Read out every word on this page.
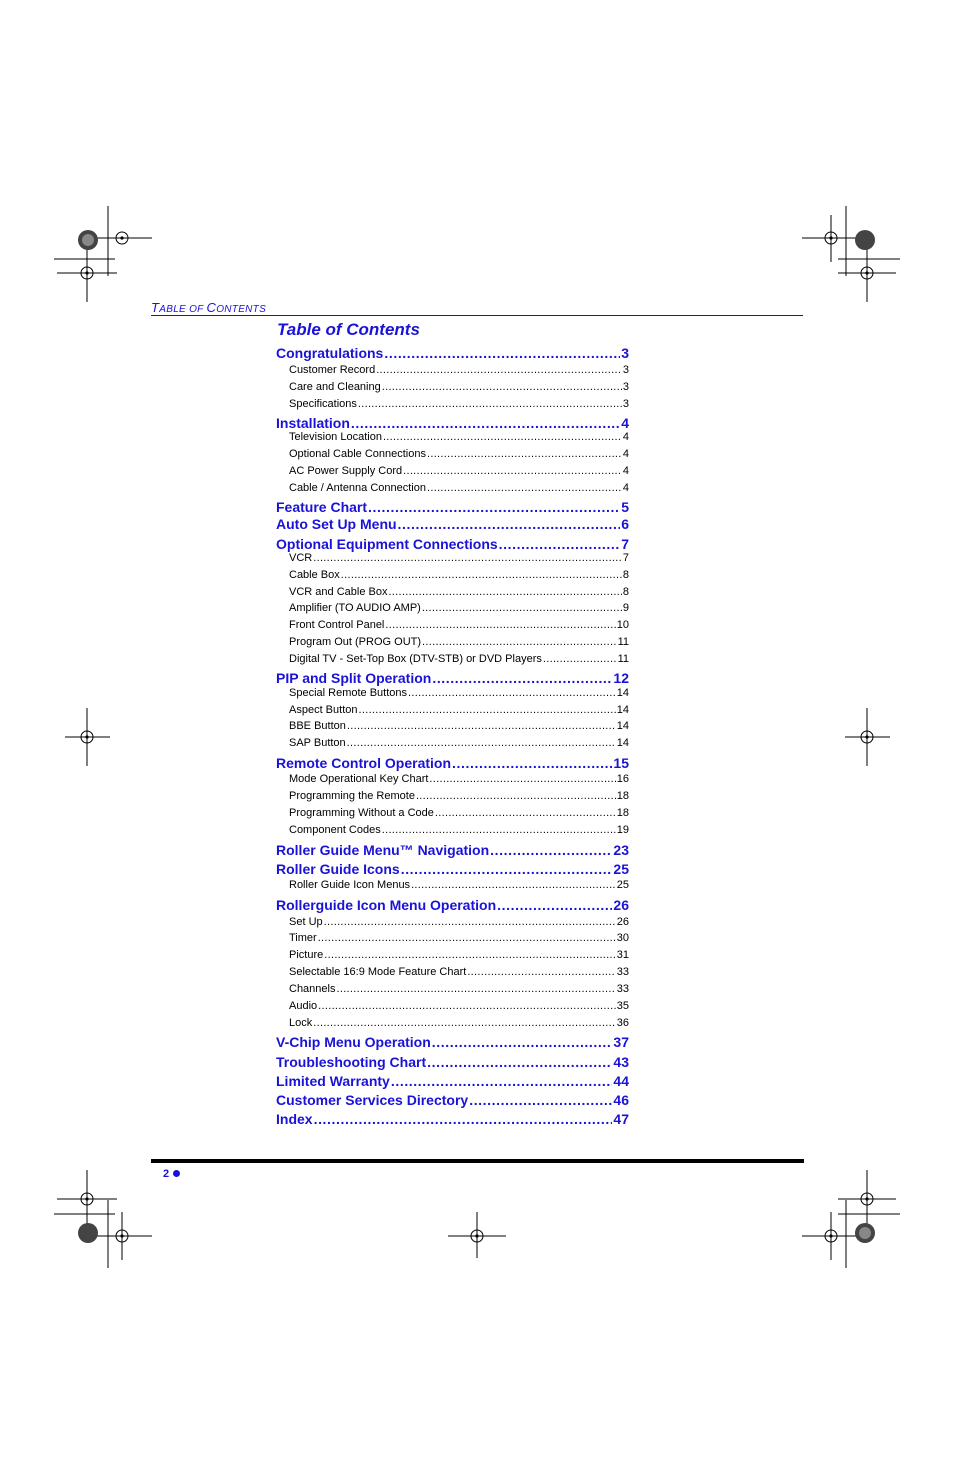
TABLE OF CONTENTS
Table of Contents
Congratulations .....	3
Customer Record .....	3
Care and Cleaning .....	3
Specifications .....	3
Installation .....	4
Television Location .....	4
Optional Cable Connections .....	4
AC Power Supply Cord .....	4
Cable / Antenna Connection .....	4
Feature Chart .....	5
Auto Set Up Menu .....	6
Optional Equipment Connections .....	7
VCR .....	7
Cable Box .....	8
VCR and Cable Box .....	8
Amplifier (TO AUDIO AMP) .....	9
Front Control Panel .....	10
Program Out (PROG OUT) .....	11
Digital TV - Set-Top Box (DTV-STB) or DVD Players .....	11
PIP and Split Operation .....	12
Special Remote Buttons .....	14
Aspect Button .....	14
BBE Button .....	14
SAP Button .....	14
Remote Control Operation .....	15
Mode Operational Key Chart .....	16
Programming the Remote .....	18
Programming Without a Code .....	18
Component Codes .....	19
Roller Guide Menu™ Navigation .....	23
Roller Guide Icons .....	25
Roller Guide Icon Menus .....	25
Rollerguide Icon Menu Operation .....	26
Set Up .....	26
Timer .....	30
Picture .....	31
Selectable 16:9 Mode Feature Chart .....	33
Channels .....	33
Audio .....	35
Lock .....	36
V-Chip Menu Operation .....	37
Troubleshooting Chart .....	43
Limited Warranty .....	44
Customer Services Directory .....	46
Index .....	47
2
